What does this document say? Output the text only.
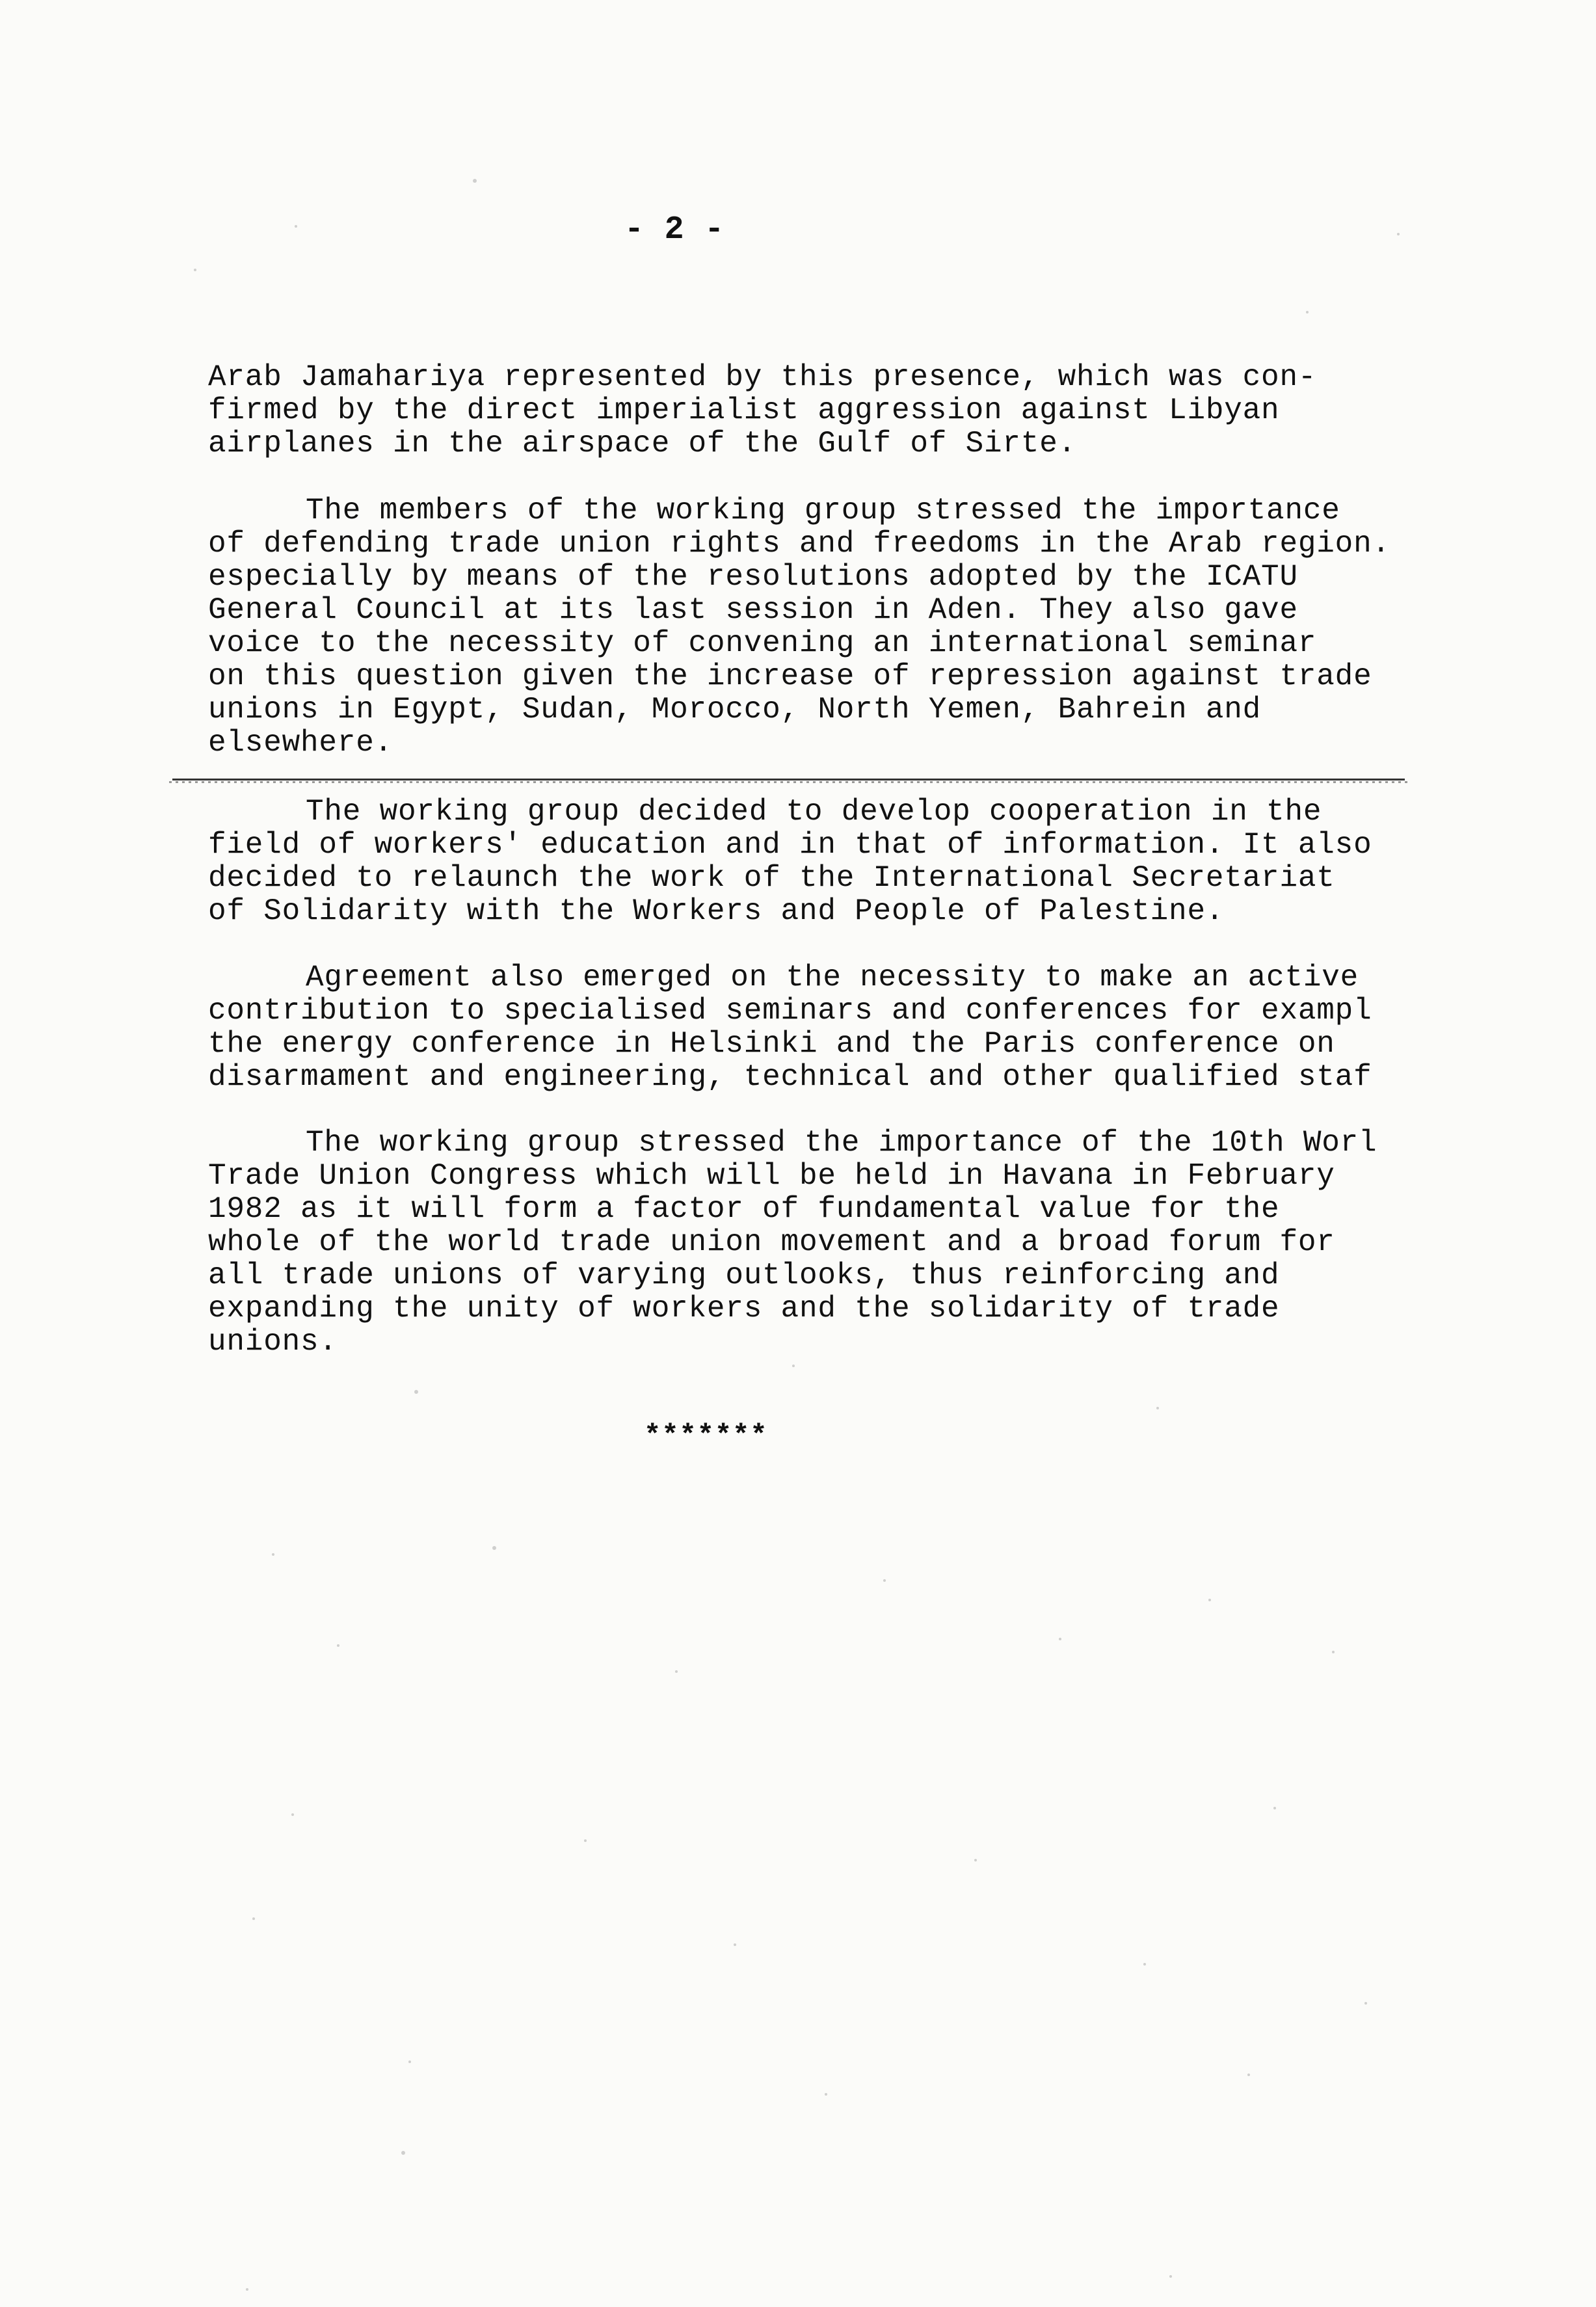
- 2 -
Arab Jamahariya represented by this presence, which was con-
firmed by the direct imperialist aggression against Libyan
airplanes in the airspace of the Gulf of Sirte.
The members of the working group stressed the importance
of defending trade union rights and freedoms in the Arab region.
especially by means of the resolutions adopted by the ICATU
General Council at its last session in Aden. They also gave
voice to the necessity of convening an international seminar
on this question given the increase of repression against trade
unions in Egypt, Sudan, Morocco, North Yemen, Bahrein and
elsewhere.
The working group decided to develop cooperation in the
field of workers' education and in that of information. It also
decided to relaunch the work of the International Secretariat
of Solidarity with the Workers and People of Palestine.
Agreement also emerged on the necessity to make an active
contribution to specialised seminars and conferences for exampl
the energy conference in Helsinki and the Paris conference on
disarmament and engineering, technical and other qualified staf
The working group stressed the importance of the 10th Worl
Trade Union Congress which will be held in Havana in February
1982 as it will form a factor of fundamental value for the
whole of the world trade union movement and a broad forum for
all trade unions of varying outlooks, thus reinforcing and
expanding the unity of workers and the solidarity of trade
unions.
*******
